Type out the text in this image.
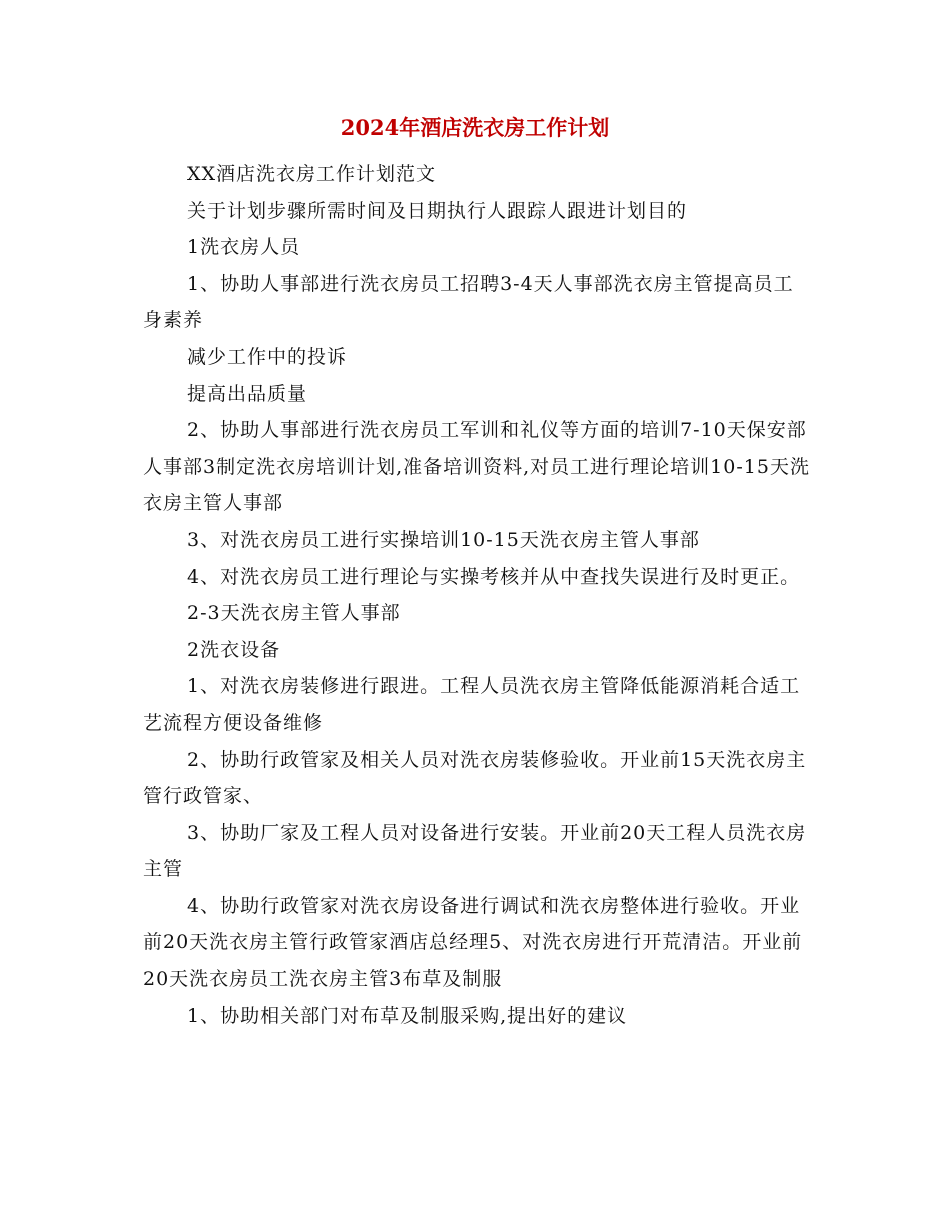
2024年酒店洗衣房工作计划

XX酒店洗衣房工作计划范文

关于计划步骤所需时间及日期执行人跟踪人跟进计划目的

1洗衣房人员

1、协助人事部进行洗衣房员工招聘3-4天人事部洗衣房主管提高员工身素养

减少工作中的投诉

提高出品质量

2、协助人事部进行洗衣房员工军训和礼仪等方面的培训7-10天保安部人事部3制定洗衣房培训计划,准备培训资料,对员工进行理论培训10-15天洗衣房主管人事部

3、对洗衣房员工进行实操培训10-15天洗衣房主管人事部

4、对洗衣房员工进行理论与实操考核并从中查找失误进行及时更正。

2-3天洗衣房主管人事部

2洗衣设备

1、对洗衣房装修进行跟进。工程人员洗衣房主管降低能源消耗合适工艺流程方便设备维修

2、协助行政管家及相关人员对洗衣房装修验收。开业前15天洗衣房主管行政管家、

3、协助厂家及工程人员对设备进行安装。开业前20天工程人员洗衣房主管

4、协助行政管家对洗衣房设备进行调试和洗衣房整体进行验收。开业前20天洗衣房主管行政管家酒店总经理5、对洗衣房进行开荒清洁。开业前20天洗衣房员工洗衣房主管3布草及制服

1、协助相关部门对布草及制服采购,提出好的建议
